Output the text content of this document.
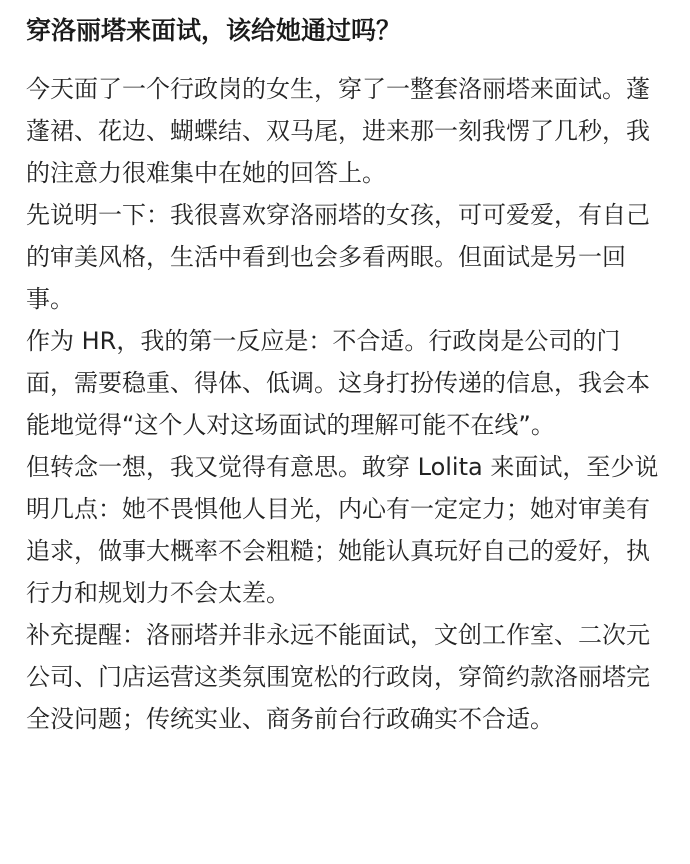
穿洛丽塔来面试，该给她通过吗？

今天面了一个行政岗的女生，穿了一整套洛丽塔来面试。蓬蓬裙、花边、蝴蝶结、双马尾，进来那一刻我愣了几秒，我的注意力很难集中在她的回答上。

先说明一下：我很喜欢穿洛丽塔的女孩，可可爱爱，有自己的审美风格，生活中看到也会多看两眼。但面试是另一回事。

作为 HR，我的第一反应是：不合适。行政岗是公司的门面，需要稳重、得体、低调。这身打扮传递的信息，我会本能地觉得“这个人对这场面试的理解可能不在线”。

但转念一想，我又觉得有意思。敢穿 Lolita 来面试，至少说明几点：她不畏惧他人目光，内心有一定定力；她对审美有追求，做事大概率不会粗糙；她能认真玩好自己的爱好，执行力和规划力不会太差。

补充提醒：洛丽塔并非永远不能面试，文创工作室、二次元公司、门店运营这类氛围宽松的行政岗，穿简约款洛丽塔完全没问题；传统实业、商务前台行政确实不合适。
